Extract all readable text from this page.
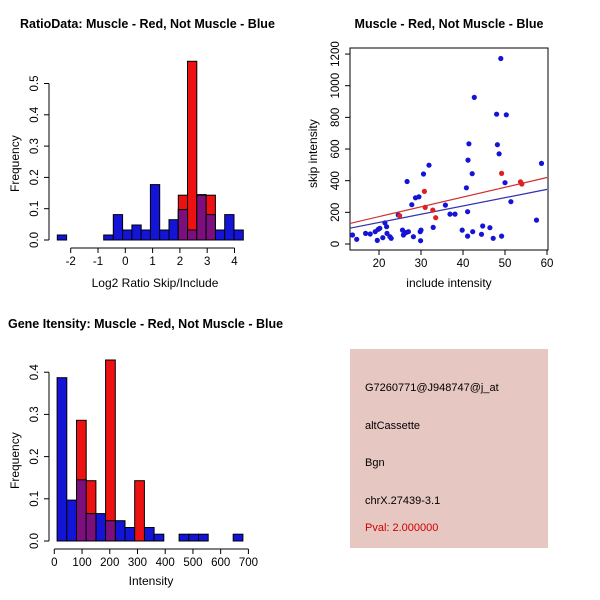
0.0
0.1
0.2
0.3
0.4
0.5
-2 -1 0 1 2 3 4
0.0
0.1
0.2
0.3
0.4
0 100 200 300 400 500 600 700
20	30	40	50	60
0
200
400
600
800
1000
1200
RatioData: Muscle - Red, Not Muscle - Blue	Muscle - Red, Not Muscle - Blue
Gene Itensity: Muscle - Red, Not Muscle - Blue
Frequency
Log2 Ratio Skip/Include
skip intensity
include intensity
Frequency
Intensity
G7260771@J948747@j_at
altCassette
Bgn
chrX.27439-3.1
Pval: 2.000000
